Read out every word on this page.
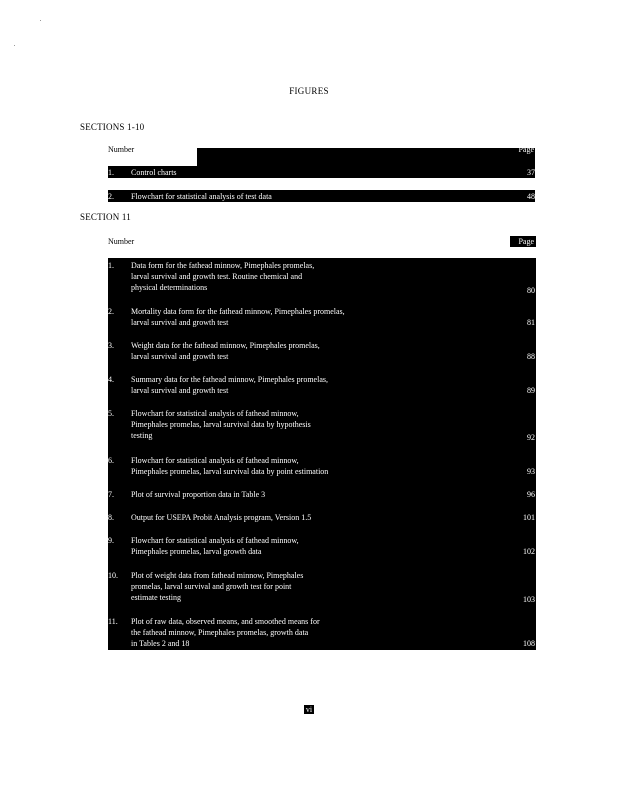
FIGURES
SECTIONS 1-10
Number	Page
1.	Control charts	37
2.	Flowchart for statistical analysis of test data	48
SECTION 11
Number	Page
1.	Data form for the fathead minnow, Pimephales promelas,
larval survival and growth test. Routine chemical and
physical determinations	80
2.	Mortality data form for the fathead minnow, Pimephales promelas,
larval survival and growth test	81
3.	Weight data for the fathead minnow, Pimephales promelas,
larval survival and growth test	88
4.	Summary data for the fathead minnow, Pimephales promelas,
larval survival and growth test	89
5.	Flowchart for statistical analysis of fathead minnow,
Pimephales promelas, larval survival data by hypothesis
testing	92
6.	Flowchart for statistical analysis of fathead minnow,
Pimephales promelas, larval survival data by point estimation	93
7.	Plot of survival proportion data in Table 3	96
8.	Output for USEPA Probit Analysis program, Version 1.5	101
9.	Flowchart for statistical analysis of fathead minnow,
Pimephales promelas, larval growth data	102
10.	Plot of weight data from fathead minnow, Pimephales
promelas, larval survival and growth test for point
estimate testing	103
11.	Plot of raw data, observed means, and smoothed means for
the fathead minnow, Pimephales promelas, growth data
in Tables 2 and 18	108
vi
